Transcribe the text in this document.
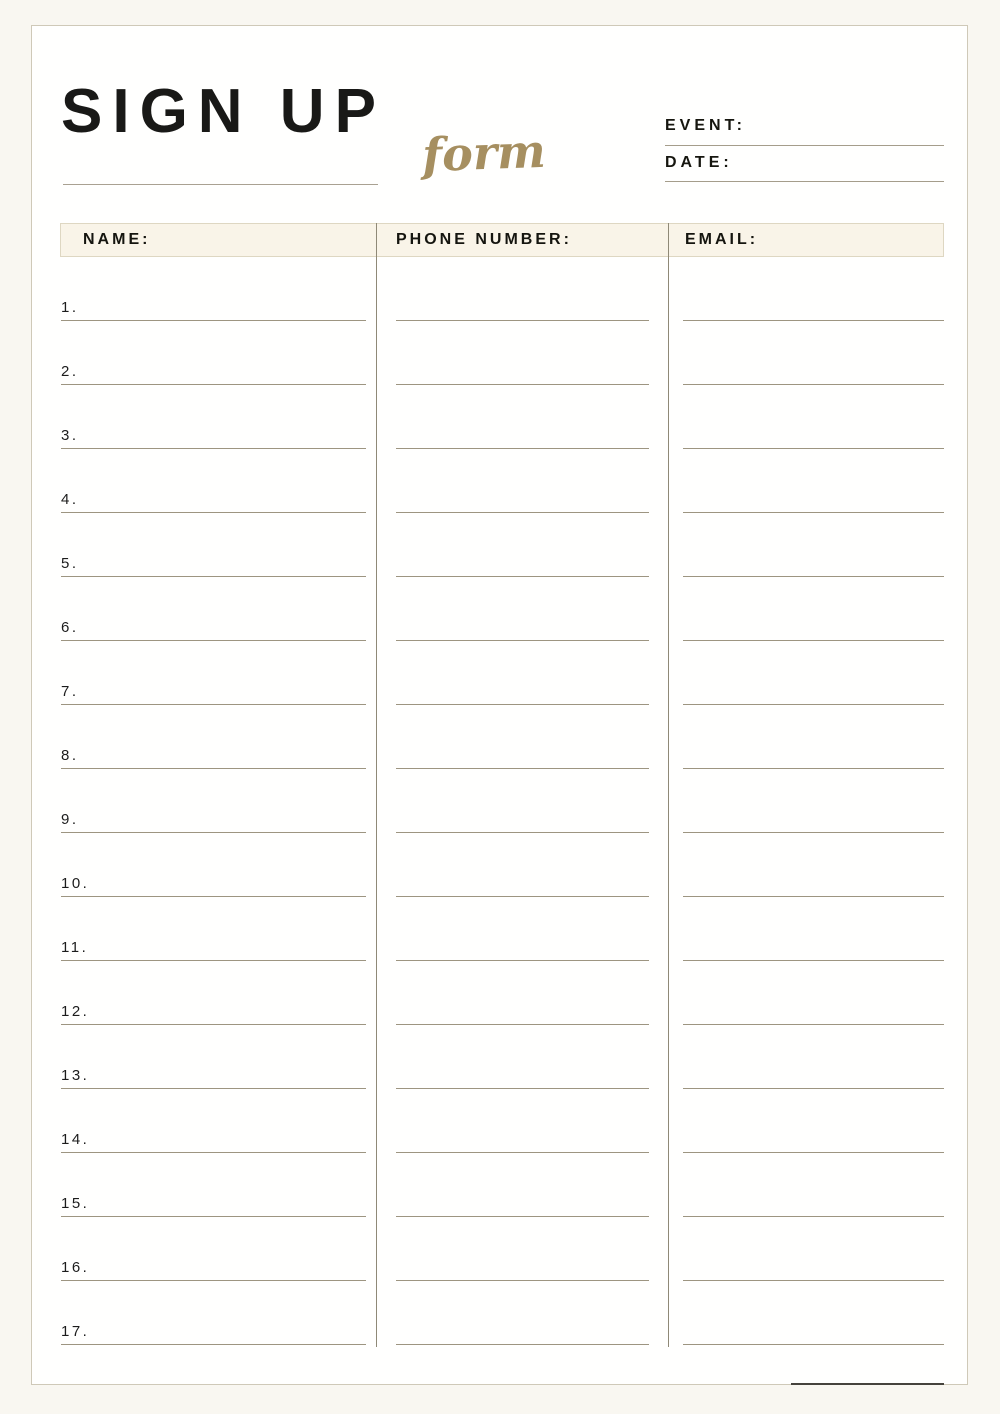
SIGN UP
form	EVENT:
DATE:
NAME:	PHONE NUMBER:	EMAIL:
1.
2.
3.
4.
5.
6.
7.
8.
9.
10.
11.
12.
13.
14.
15.
16.
17.
